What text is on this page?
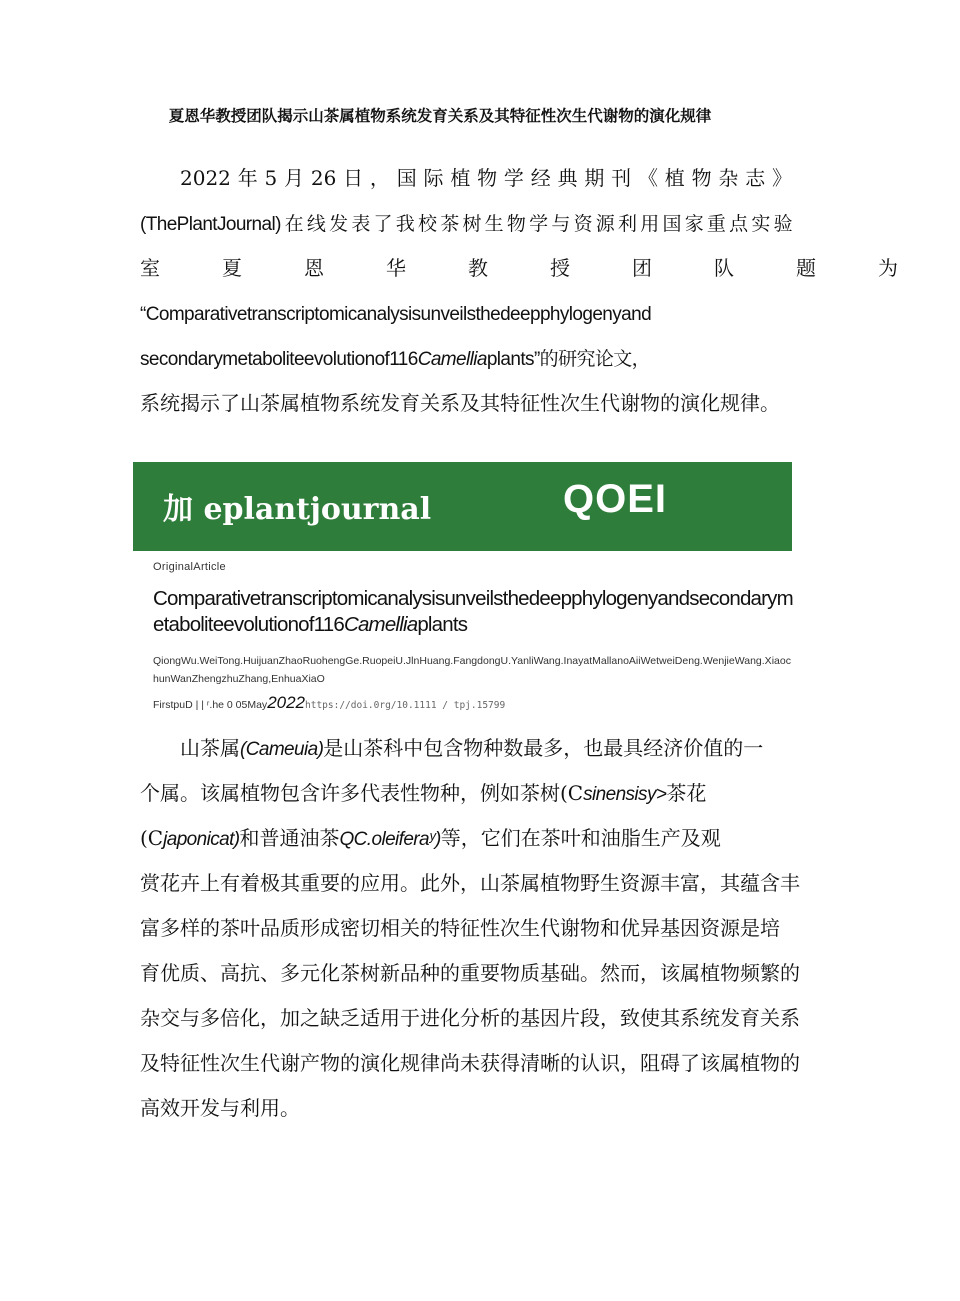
夏恩华教授团队揭示山茶属植物系统发育关系及其特征性次生代谢物的演化规律
2022年5月26日，国际植物学经典期刊《植物杂志》
(ThePlantJournal)在线发表了我校茶树生物学与资源利用国家重点实验
室夏恩华教授团队题为
“Comparativetranscriptomicanalysisunveilsthedeepphylogenyand
secondarymetaboliteevolutionof116Camelliaplants”的研究论文，
系统揭示了山茶属植物系统发育关系及其特征性次生代谢物的演化规律。
加 eplantjournal	QOEI
OriginalArticle
Comparativetranscriptomicanalysisunveilsthedeepphylogenyandsecondarymetaboliteevolutionof116Camelliaplants
QiongWu.WeiTong.HuijuanZhaoRuohengGe.RuopeiU.JlnHuang.FangdongU.YanliWang.InayatMallanoAiiWetweiDeng.WenjieWang.XiaochunWanZhengzhuZhang,EnhuaXiaO
FirstpuD | | ʳ.he 0 05May2022https://doi.0rg/10.1111 / tpj.15799
山茶属(Cameuia)是山茶科中包含物种数最多，也最具经济价值的一
个属。该属植物包含许多代表性物种，例如茶树(Csinensisy>茶花
(Cjaponicat)和普通油茶QC.oleiferaʸ)等，它们在茶叶和油脂生产及观
赏花卉上有着极其重要的应用。此外，山茶属植物野生资源丰富，其蕴含丰
富多样的茶叶品质形成密切相关的特征性次生代谢物和优异基因资源是培
育优质、高抗、多元化茶树新品种的重要物质基础。然而，该属植物频繁的
杂交与多倍化，加之缺乏适用于进化分析的基因片段，致使其系统发育关系
及特征性次生代谢产物的演化规律尚未获得清晰的认识，阻碍了该属植物的
高效开发与利用。
